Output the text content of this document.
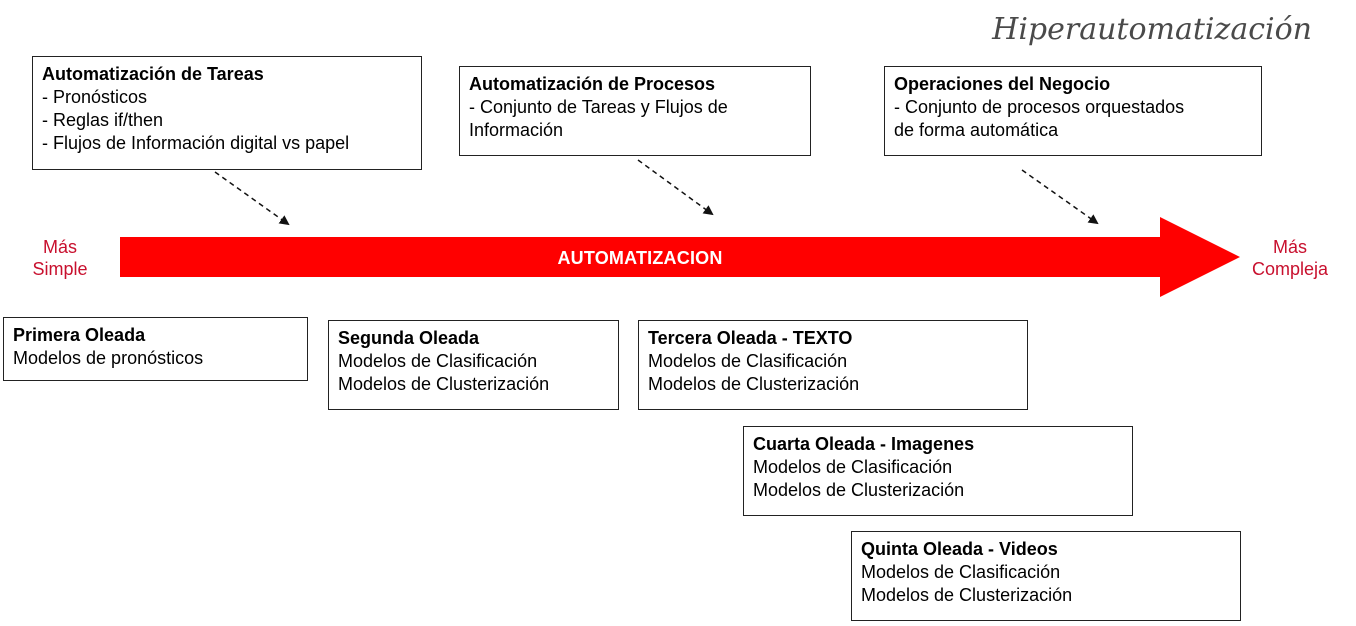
Hiperautomatización
Automatización de Tareas
- Pronósticos
- Reglas if/then
- Flujos de Información digital vs papel
Automatización de Procesos
- Conjunto de Tareas y Flujos de
Información
Operaciones del Negocio
- Conjunto de procesos orquestados
de forma automática
AUTOMATIZACION
Más
Simple
Más
Compleja
Primera Oleada
Modelos de pronósticos
Segunda Oleada
Modelos de Clasificación
Modelos de Clusterización
Tercera Oleada - TEXTO
Modelos de Clasificación
Modelos de Clusterización
Cuarta Oleada - Imagenes
Modelos de Clasificación
Modelos de Clusterización
Quinta Oleada - Videos
Modelos de Clasificación
Modelos de Clusterización
